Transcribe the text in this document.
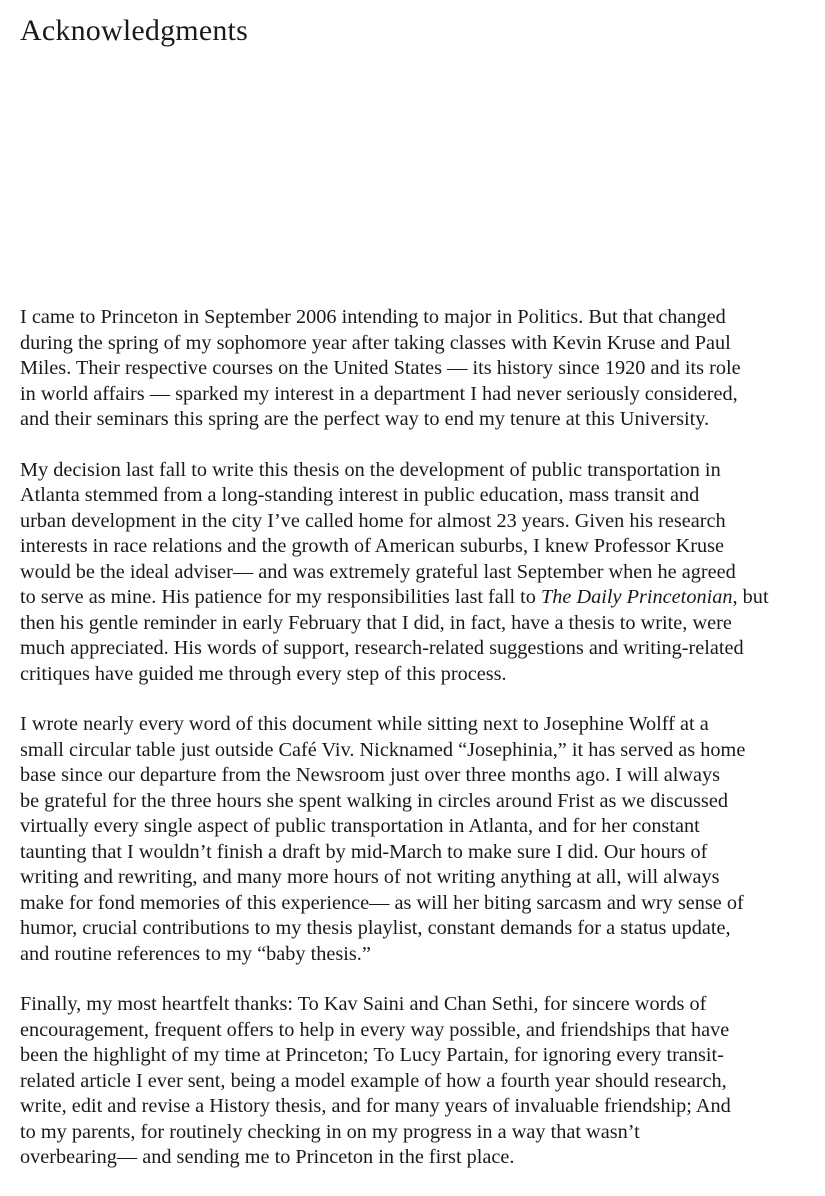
Acknowledgments

I came to Princeton in September 2006 intending to major in Politics. But that changed
during the spring of my sophomore year after taking classes with Kevin Kruse and Paul
Miles. Their respective courses on the United States — its history since 1920 and its role
in world affairs — sparked my interest in a department I had never seriously considered,
and their seminars this spring are the perfect way to end my tenure at this University.

My decision last fall to write this thesis on the development of public transportation in
Atlanta stemmed from a long-standing interest in public education, mass transit and
urban development in the city I’ve called home for almost 23 years. Given his research
interests in race relations and the growth of American suburbs, I knew Professor Kruse
would be the ideal adviser— and was extremely grateful last September when he agreed
to serve as mine. His patience for my responsibilities last fall to The Daily Princetonian, but
then his gentle reminder in early February that I did, in fact, have a thesis to write, were
much appreciated. His words of support, research-related suggestions and writing-related
critiques have guided me through every step of this process.

I wrote nearly every word of this document while sitting next to Josephine Wolff at a
small circular table just outside Café Viv. Nicknamed “Josephinia,” it has served as home
base since our departure from the Newsroom just over three months ago. I will always
be grateful for the three hours she spent walking in circles around Frist as we discussed
virtually every single aspect of public transportation in Atlanta, and for her constant
taunting that I wouldn’t finish a draft by mid-March to make sure I did. Our hours of
writing and rewriting, and many more hours of not writing anything at all, will always
make for fond memories of this experience— as will her biting sarcasm and wry sense of
humor, crucial contributions to my thesis playlist, constant demands for a status update,
and routine references to my “baby thesis.”

Finally, my most heartfelt thanks: To Kav Saini and Chan Sethi, for sincere words of
encouragement, frequent offers to help in every way possible, and friendships that have
been the highlight of my time at Princeton; To Lucy Partain, for ignoring every transit-
related article I ever sent, being a model example of how a fourth year should research,
write, edit and revise a History thesis, and for many years of invaluable friendship; And
to my parents, for routinely checking in on my progress in a way that wasn’t
overbearing— and sending me to Princeton in the first place.
